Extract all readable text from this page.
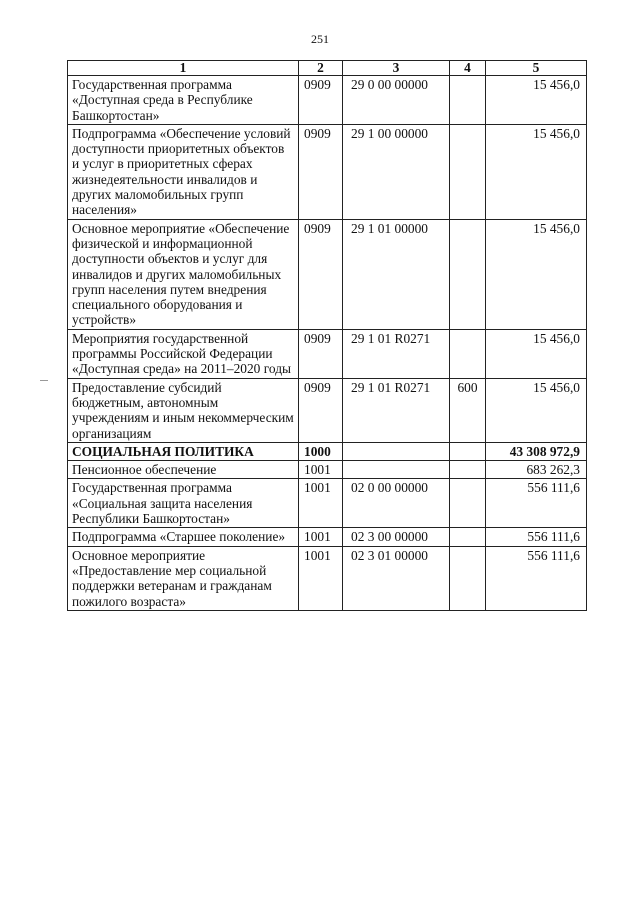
251
1	2	3	4	5
Государственная программа «Доступная среда в Республике Башкортостан»	0909	29 0 00 00000		15 456,0
Подпрограмма «Обеспечение условий доступности приоритетных объектов и услуг в приоритетных сферах жизнедеятельности инвалидов и других маломобильных групп населения»	0909	29 1 00 00000		15 456,0
Основное мероприятие «Обеспечение физической и информационной доступности объектов и услуг для инвалидов и других маломобильных групп населения путем внедрения специального оборудования и устройств»	0909	29 1 01 00000		15 456,0
Мероприятия государственной программы Российской Федерации «Доступная среда» на 2011–2020 годы	0909	29 1 01 R0271		15 456,0
Предоставление субсидий бюджетным, автономным учреждениям и иным некоммерческим организациям	0909	29 1 01 R0271	600	15 456,0
СОЦИАЛЬНАЯ ПОЛИТИКА	1000			43 308 972,9
Пенсионное обеспечение	1001			683 262,3
Государственная программа «Социальная защита населения Республики Башкортостан»	1001	02 0 00 00000		556 111,6
Подпрограмма «Старшее поколение»	1001	02 3 00 00000		556 111,6
Основное мероприятие «Предоставление мер социальной поддержки ветеранам и гражданам пожилого возраста»	1001	02 3 01 00000		556 111,6
